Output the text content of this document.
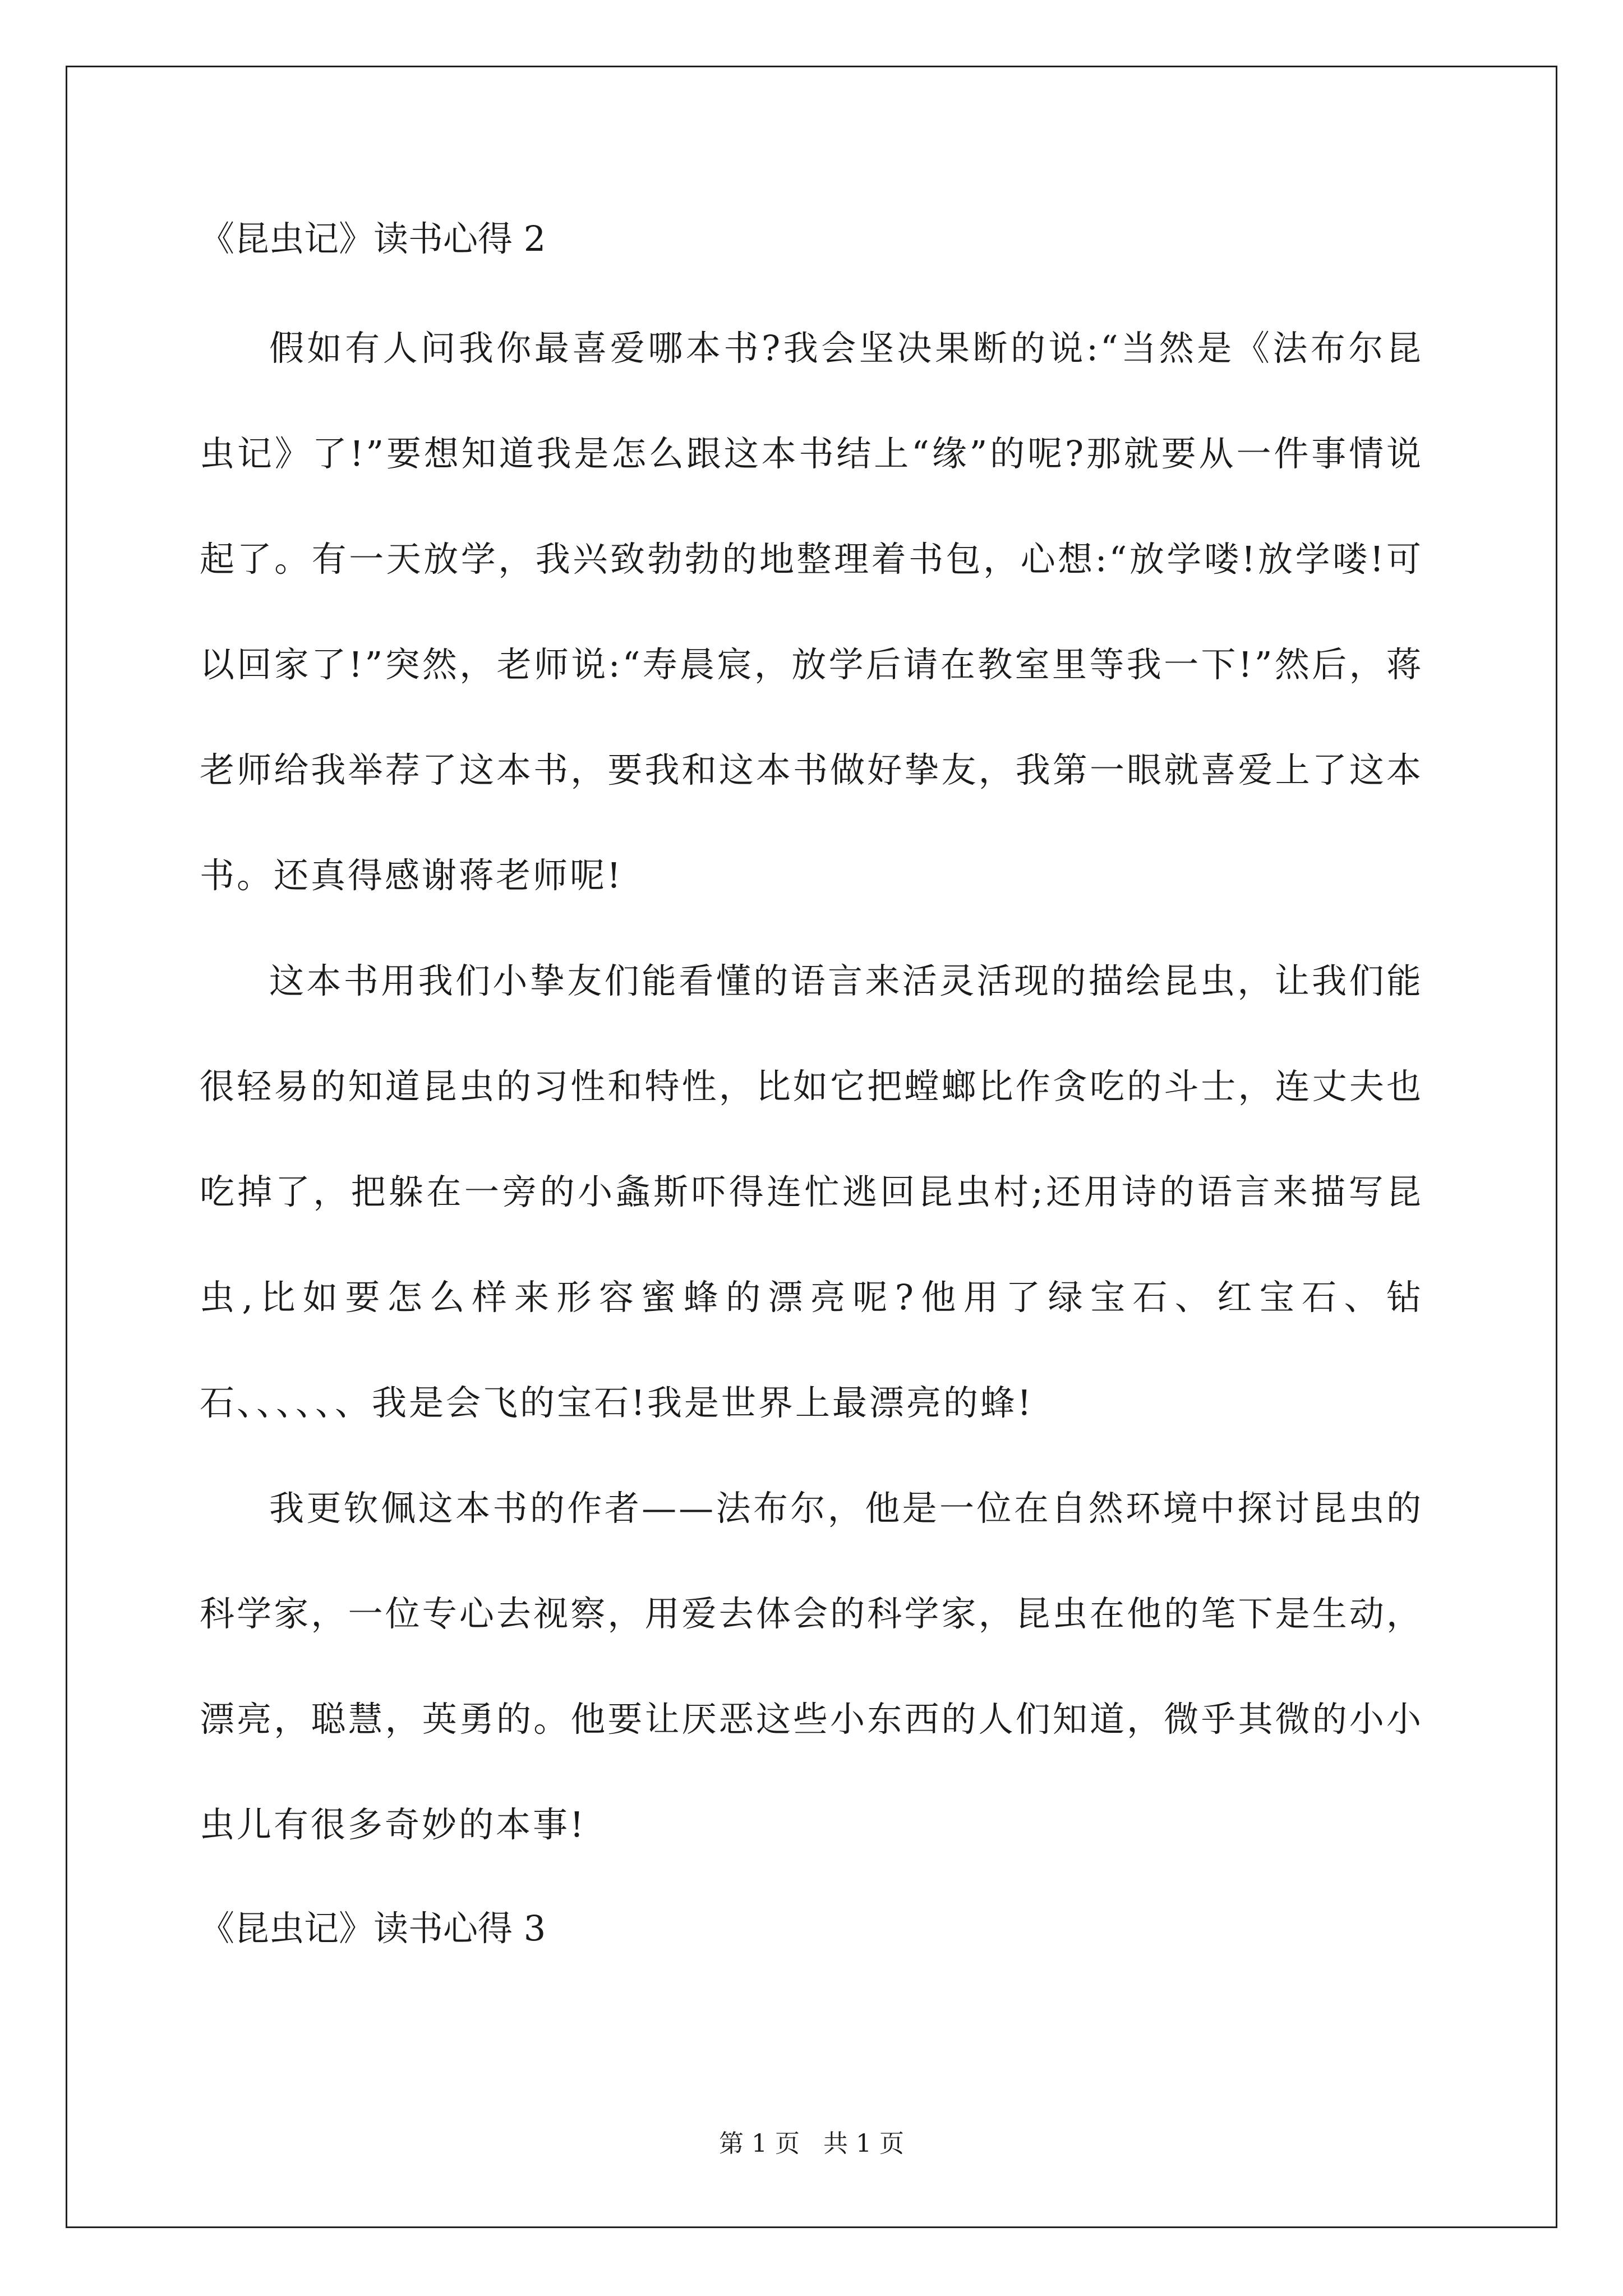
《昆虫记》读书心得 2

假如有人问我你最喜爱哪本书?我会坚决果断的说:“当然是《法布尔昆虫记》了!”要想知道我是怎么跟这本书结上“缘”的呢?那就要从一件事情说起了。有一天放学，我兴致勃勃的地整理着书包，心想:“放学喽!放学喽!可以回家了!”突然，老师说:“寿晨宸，放学后请在教室里等我一下!”然后，蒋老师给我举荐了这本书，要我和这本书做好挚友，我第一眼就喜爱上了这本书。还真得感谢蒋老师呢!

这本书用我们小挚友们能看懂的语言来活灵活现的描绘昆虫，让我们能很轻易的知道昆虫的习性和特性，比如它把螳螂比作贪吃的斗士，连丈夫也吃掉了，把躲在一旁的小螽斯吓得连忙逃回昆虫村;还用诗的语言来描写昆虫,比如要怎么样来形容蜜蜂的漂亮呢?他用了绿宝石、红宝石、钻石、、、、、、我是会飞的宝石!我是世界上最漂亮的蜂!

我更钦佩这本书的作者——法布尔，他是一位在自然环境中探讨昆虫的科学家，一位专心去视察，用爱去体会的科学家，昆虫在他的笔下是生动，漂亮，聪慧，英勇的。他要让厌恶这些小东西的人们知道，微乎其微的小小虫儿有很多奇妙的本事!

《昆虫记》读书心得 3
第 1 页   共 1 页
